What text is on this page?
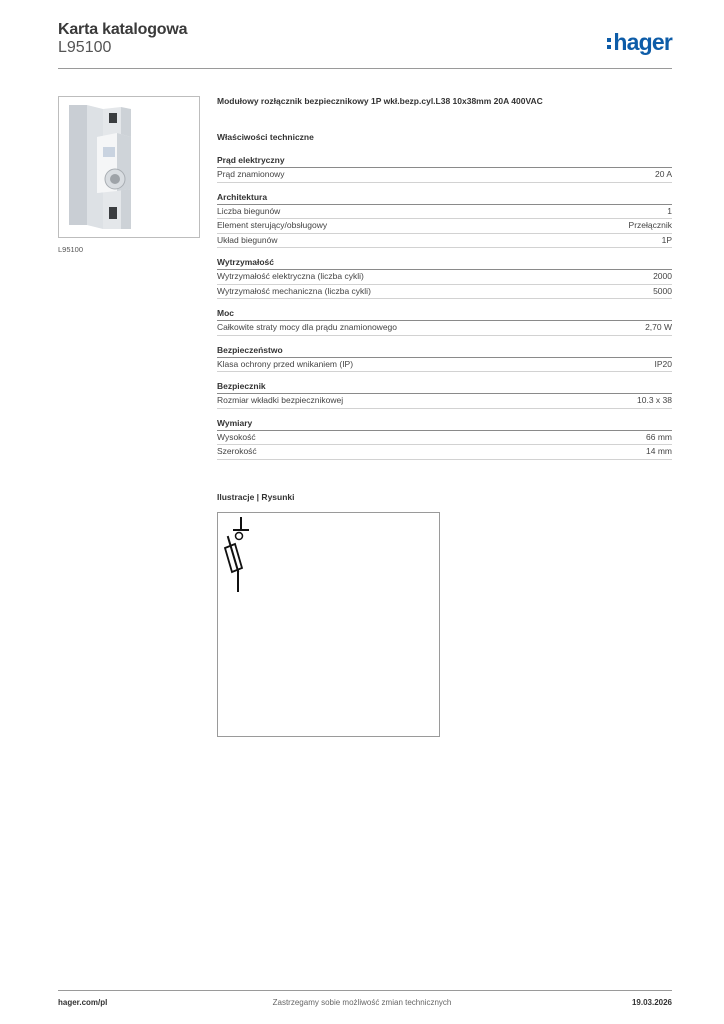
Karta katalogowa
L95100	hager
L95100
Modułowy rozłącznik bezpiecznikowy 1P wkł.bezp.cyl.L38 10x38mm 20A 400VAC
Właściwości techniczne
Prąd elektryczny
Prąd znamionowy	20 A
Architektura
Liczba biegunów	1
Element sterujący/obsługowy	Przełącznik
Układ biegunów	1P
Wytrzymałość
Wytrzymałość elektryczna (liczba cykli)	2000
Wytrzymałość mechaniczna (liczba cykli)	5000
Moc
Całkowite straty mocy dla prądu znamionowego	2,70 W
Bezpieczeństwo
Klasa ochrony przed wnikaniem (IP)	IP20
Bezpiecznik
Rozmiar wkładki bezpiecznikowej	10.3 x 38
Wymiary
Wysokość	66 mm
Szerokość	14 mm
Ilustracje | Rysunki
hager.com/pl	Zastrzegamy sobie możliwość zmian technicznych	19.03.2026
